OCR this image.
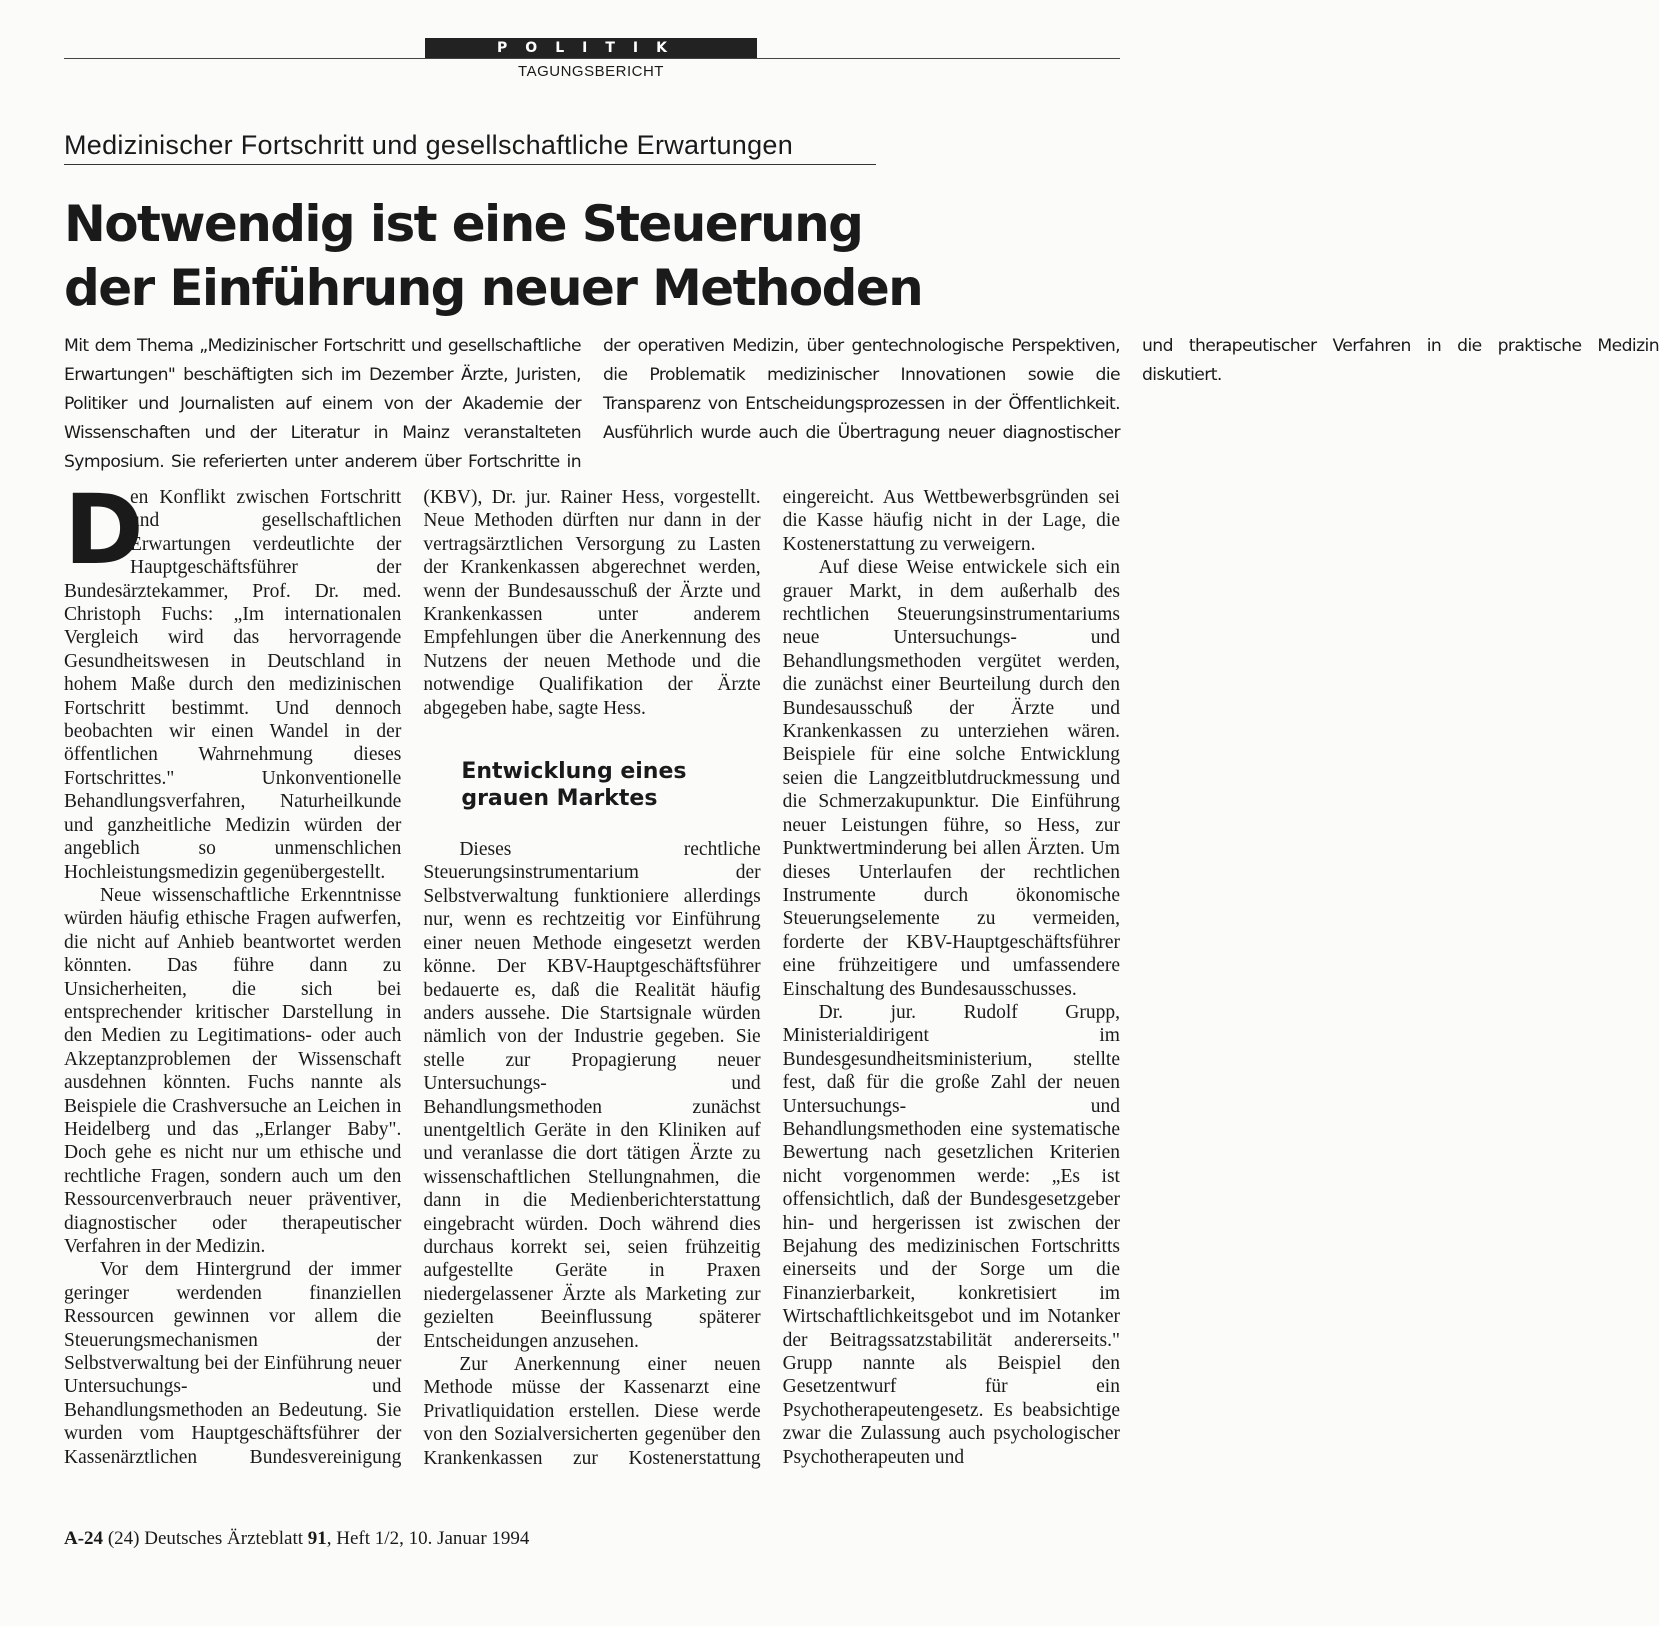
POLITIK
TAGUNGSBERICHT
Medizinischer Fortschritt und gesellschaftliche Erwartungen
Notwendig ist eine Steuerung
der Einführung neuer Methoden

Mit dem Thema „Medizinischer Fortschritt und gesellschaftliche Erwartungen" beschäftigten sich im Dezember Ärzte, Juristen, Politiker und Journalisten auf einem von der Akademie der Wissenschaften und der Literatur in Mainz veranstalteten Symposium. Sie referierten unter anderem über Fortschritte in der operativen Medizin, über gentechnologische Perspektiven, die Problematik medizinischer Innovationen sowie die Transparenz von Entscheidungsprozessen in der Öffentlichkeit. Ausführlich wurde auch die Übertragung neuer diagnostischer und therapeutischer Verfahren in die praktische Medizin diskutiert.

D
en Konflikt zwischen Fortschritt und gesellschaftlichen Erwartungen verdeutlichte der Hauptgeschäftsführer der Bundesärztekammer, Prof. Dr. med. Christoph Fuchs: „Im internationalen Vergleich wird das hervorragende Gesundheitswesen in Deutschland in hohem Maße durch den medizinischen Fortschritt bestimmt. Und dennoch beobachten wir einen Wandel in der öffentlichen Wahrnehmung dieses Fortschrittes." Unkonventionelle Behandlungsverfahren, Naturheilkunde und ganzheitliche Medizin würden der angeblich so unmenschlichen Hochleistungsmedizin gegenübergestellt.

Neue wissenschaftliche Erkenntnisse würden häufig ethische Fragen aufwerfen, die nicht auf Anhieb beantwortet werden könnten. Das führe dann zu Unsicherheiten, die sich bei entsprechender kritischer Darstellung in den Medien zu Legitimations- oder auch Akzeptanzproblemen der Wissenschaft ausdehnen könnten. Fuchs nannte als Beispiele die Crashversuche an Leichen in Heidelberg und das „Erlanger Baby". Doch gehe es nicht nur um ethische und rechtliche Fragen, sondern auch um den Ressourcenverbrauch neuer präventiver, diagnostischer oder therapeutischer Verfahren in der Medizin.

Vor dem Hintergrund der immer geringer werdenden finanziellen Ressourcen gewinnen vor allem die Steuerungsmechanismen der Selbstverwaltung bei der Einführung neuer Untersuchungs- und Behandlungsmethoden an Bedeutung. Sie wurden vom Hauptgeschäftsführer der Kassenärztlichen Bundesvereinigung (KBV), Dr. jur. Rainer Hess, vorgestellt. Neue Methoden dürften nur dann in der vertragsärztlichen Versorgung zu Lasten der Krankenkassen abgerechnet werden, wenn der Bundesausschuß der Ärzte und Krankenkassen unter anderem Empfehlungen über die Anerkennung des Nutzens der neuen Methode und die notwendige Qualifikation der Ärzte abgegeben habe, sagte Hess.

Entwicklung eines grauen Marktes

Dieses rechtliche Steuerungsinstrumentarium der Selbstverwaltung funktioniere allerdings nur, wenn es rechtzeitig vor Einführung einer neuen Methode eingesetzt werden könne. Der KBV-Hauptgeschäftsführer bedauerte es, daß die Realität häufig anders aussehe. Die Startsignale würden nämlich von der Industrie gegeben. Sie stelle zur Propagierung neuer Untersuchungs- und Behandlungsmethoden zunächst unentgeltlich Geräte in den Kliniken auf und veranlasse die dort tätigen Ärzte zu wissenschaftlichen Stellungnahmen, die dann in die Medienberichterstattung eingebracht würden. Doch während dies durchaus korrekt sei, seien frühzeitig aufgestellte Geräte in Praxen niedergelassener Ärzte als Marketing zur gezielten Beeinflussung späterer Entscheidungen anzusehen.

Zur Anerkennung einer neuen Methode müsse der Kassenarzt eine Privatliquidation erstellen. Diese werde von den Sozialversicherten gegenüber den Krankenkassen zur Kostenerstattung eingereicht. Aus Wettbewerbsgründen sei die Kasse häufig nicht in der Lage, die Kostenerstattung zu verweigern.

Auf diese Weise entwickele sich ein grauer Markt, in dem außerhalb des rechtlichen Steuerungsinstrumentariums neue Untersuchungs- und Behandlungsmethoden vergütet werden, die zunächst einer Beurteilung durch den Bundesausschuß der Ärzte und Krankenkassen zu unterziehen wären. Beispiele für eine solche Entwicklung seien die Langzeitblutdruckmessung und die Schmerzakupunktur. Die Einführung neuer Leistungen führe, so Hess, zur Punktwertminderung bei allen Ärzten. Um dieses Unterlaufen der rechtlichen Instrumente durch ökonomische Steuerungselemente zu vermeiden, forderte der KBV-Hauptgeschäftsführer eine frühzeitigere und umfassendere Einschaltung des Bundesausschusses.

Dr. jur. Rudolf Grupp, Ministerialdirigent im Bundesgesundheitsministerium, stellte fest, daß für die große Zahl der neuen Untersuchungs- und Behandlungsmethoden eine systematische Bewertung nach gesetzlichen Kriterien nicht vorgenommen werde: „Es ist offensichtlich, daß der Bundesgesetzgeber hin- und hergerissen ist zwischen der Bejahung des medizinischen Fortschritts einerseits und der Sorge um die Finanzierbarkeit, konkretisiert im Wirtschaftlichkeitsgebot und im Notanker der Beitragssatzstabilität andererseits." Grupp nannte als Beispiel den Gesetzentwurf für ein Psychotherapeutengesetz. Es beabsichtige zwar die Zulassung auch psychologischer Psychotherapeuten und

A-24 (24) Deutsches Ärzteblatt 91, Heft 1/2, 10. Januar 1994
